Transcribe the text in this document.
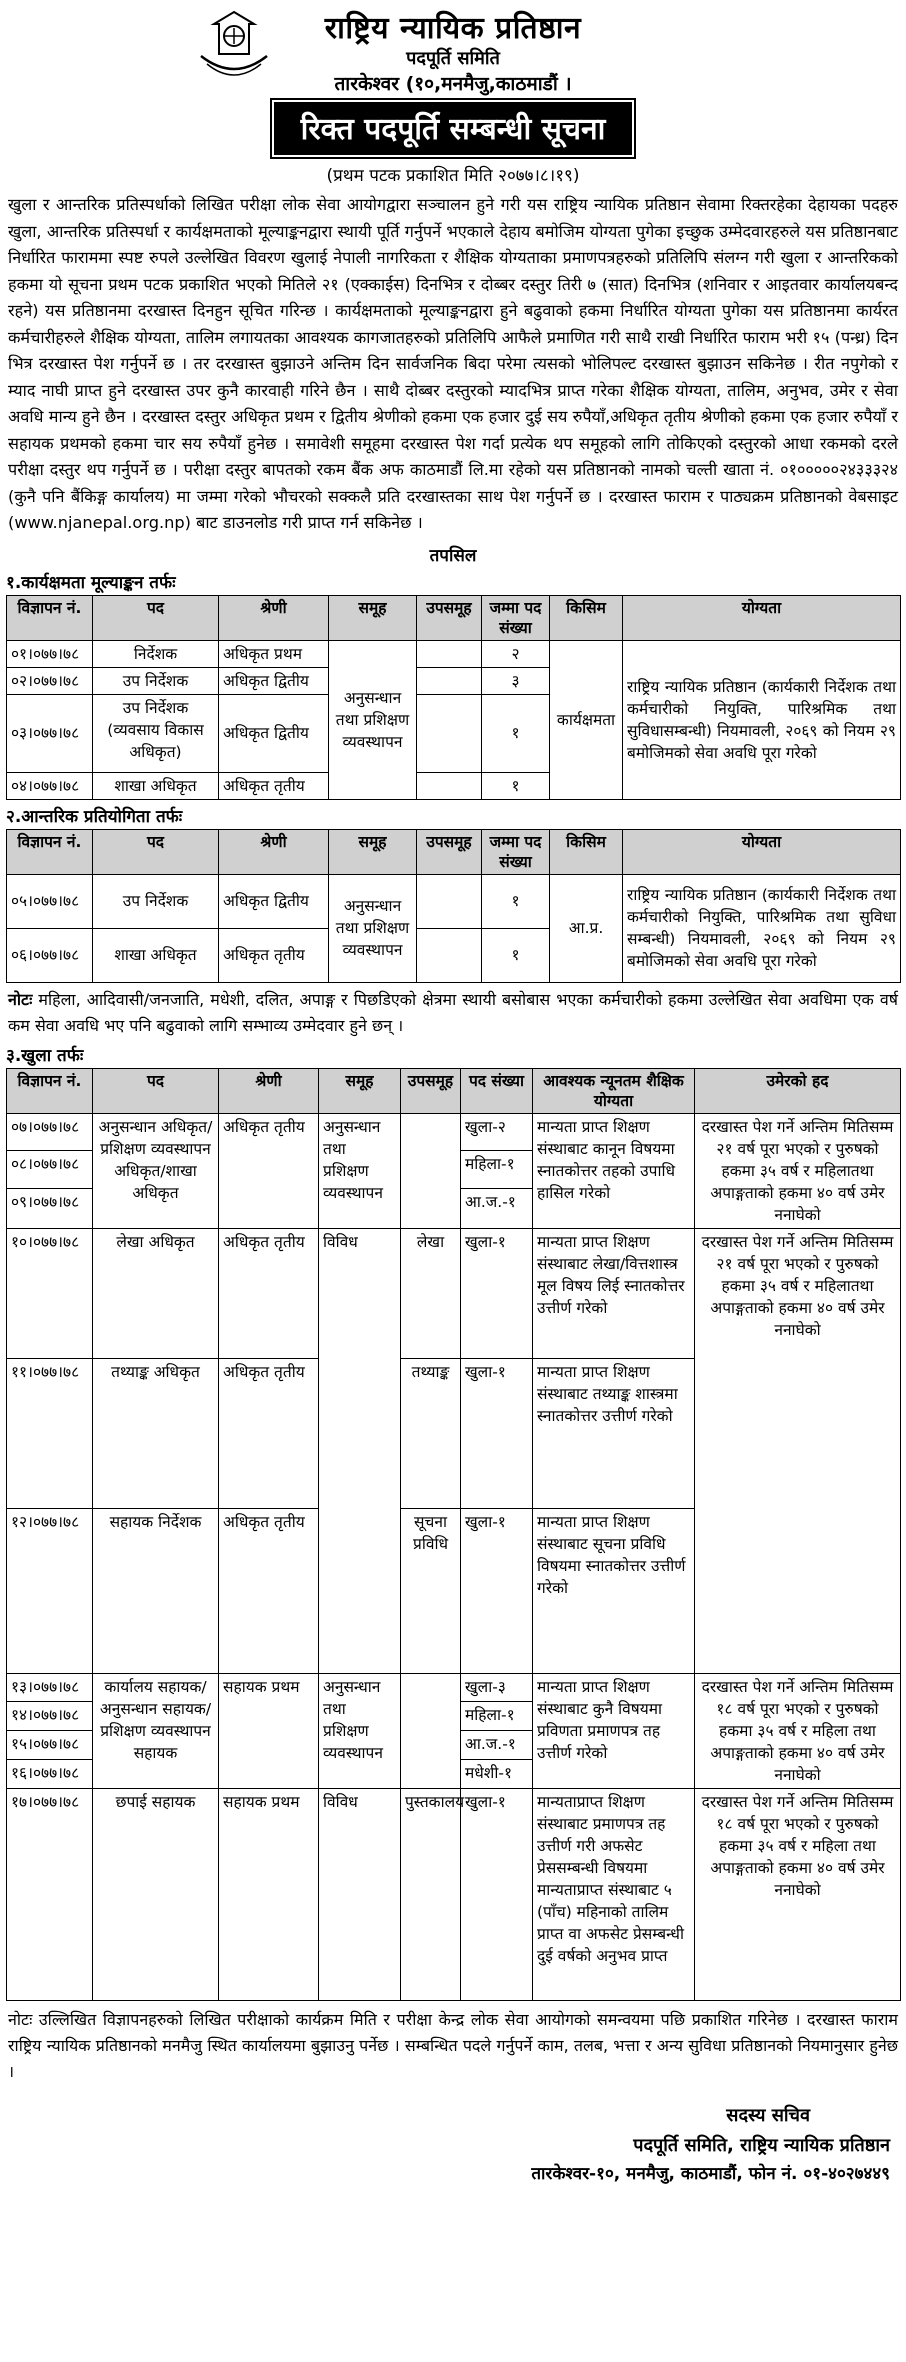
राष्ट्रिय न्यायिक प्रतिष्ठान
पदपूर्ति समिति
तारकेश्वर (१०,मनमैजु,काठमाडौं ।
रिक्त पदपूर्ति सम्बन्धी सूचना
(प्रथम पटक प्रकाशित मिति २०७७।८।१९)
खुला र आन्तरिक प्रतिस्पर्धाको लिखित परीक्षा लोक सेवा आयोगद्वारा सञ्चालन हुने गरी यस राष्ट्रिय न्यायिक प्रतिष्ठान सेवामा रिक्तरहेका देहायका पदहरु खुला, आन्तरिक प्रतिस्पर्धा र कार्यक्षमताको मूल्याङ्कनद्वारा स्थायी पूर्ति गर्नुपर्ने भएकाले देहाय बमोजिम योग्यता पुगेका इच्छुक उम्मेदवारहरुले यस प्रतिष्ठानबाट निर्धारित फाराममा स्पष्ट रुपले उल्लेखित विवरण खुलाई नेपाली नागरिकता र शैक्षिक योग्यताका प्रमाणपत्रहरुको प्रतिलिपि संलग्न गरी खुला र आन्तरिकको हकमा यो सूचना प्रथम पटक प्रकाशित भएको मितिले २१ (एक्काईस) दिनभित्र र दोब्बर दस्तुर तिरी ७ (सात) दिनभित्र (शनिवार र आइतवार कार्यालयबन्द रहने) यस प्रतिष्ठानमा दरखास्त दिनहुन सूचित गरिन्छ । कार्यक्षमताको मूल्याङ्कनद्वारा हुने बढुवाको हकमा निर्धारित योग्यता पुगेका यस प्रतिष्ठानमा कार्यरत कर्मचारीहरुले शैक्षिक योग्यता, तालिम लगायतका आवश्यक कागजातहरुको प्रतिलिपि आफैले प्रमाणित गरी साथै राखी निर्धारित फाराम भरी १५ (पन्ध्र) दिन भित्र दरखास्त पेश गर्नुपर्ने छ । तर दरखास्त बुझाउने अन्तिम दिन सार्वजनिक बिदा परेमा त्यसको भोलिपल्ट दरखास्त बुझाउन सकिनेछ । रीत नपुगेको र म्याद नाघी प्राप्त हुने दरखास्त उपर कुनै कारवाही गरिने छैन । साथै दोब्बर दस्तुरको म्यादभित्र प्राप्त गरेका शैक्षिक योग्यता, तालिम, अनुभव, उमेर र सेवा अवधि मान्य हुने छैन । दरखास्त दस्तुर अधिकृत प्रथम र द्वितीय श्रेणीको हकमा एक हजार दुई सय रुपैयाँ,अधिकृत तृतीय श्रेणीको हकमा एक हजार रुपैयाँ र सहायक प्रथमको हकमा चार सय रुपैयाँ हुनेछ । समावेशी समूहमा दरखास्त पेश गर्दा प्रत्येक थप समूहको लागि तोकिएको दस्तुरको आधा रकमको दरले परीक्षा दस्तुर थप गर्नुपर्ने छ । परीक्षा दस्तुर बापतको रकम बैंक अफ काठमाडौं लि.मा रहेको यस प्रतिष्ठानको नामको चल्ती खाता नं. ०१०००००२४३३३२४ (कुनै पनि बैंकिङ्ग कार्यालय) मा जम्मा गरेको भौचरको सक्कलै प्रति दरखास्तका साथ पेश गर्नुपर्ने छ । दरखास्त फाराम र पाठ्यक्रम प्रतिष्ठानको वेबसाइट (www.njanepal.org.np) बाट डाउनलोड गरी प्राप्त गर्न सकिनेछ ।
तपसिल
१.कार्यक्षमता मूल्याङ्कन तर्फः
विज्ञापन नं.	पद	श्रेणी	समूह	उपसमूह	जम्मा पद संख्या	किसिम	योग्यता
०१।०७७।७८	निर्देशक	अधिकृत प्रथम	अनुसन्धान तथा प्रशिक्षण व्यवस्थापन		२	कार्यक्षमता	राष्ट्रिय न्यायिक प्रतिष्ठान (कार्यकारी निर्देशक तथा कर्मचारीको नियुक्ति, पारिश्रमिक तथा सुविधासम्बन्धी) नियमावली, २०६९ को नियम २९ बमोजिमको सेवा अवधि पूरा गरेको
०२।०७७।७८	उप निर्देशक	अधिकृत द्वितीय			३		
०३।०७७।७८	उप निर्देशक (व्यवसाय विकास अधिकृत)	अधिकृत द्वितीय			१		
०४।०७७।७८	शाखा अधिकृत	अधिकृत तृतीय			१		
२.आन्तरिक प्रतियोगिता तर्फः
विज्ञापन नं.	पद	श्रेणी	समूह	उपसमूह	जम्मा पद संख्या	किसिम	योग्यता
०५।०७७।७८	उप निर्देशक	अधिकृत द्वितीय	अनुसन्धान तथा प्रशिक्षण व्यवस्थापन		१	आ.प्र.	राष्ट्रिय न्यायिक प्रतिष्ठान (कार्यकारी निर्देशक तथा कर्मचारीको नियुक्ति, पारिश्रमिक तथा सुविधा सम्बन्धी) नियमावली, २०६९ को नियम २९ बमोजिमको सेवा अवधि पूरा गरेको
०६।०७७।७८	शाखा अधिकृत	अधिकृत तृतीय			१		
नोटः महिला, आदिवासी/जनजाति, मधेशी, दलित, अपाङ्ग र पिछडिएको क्षेत्रमा स्थायी बसोबास भएका कर्मचारीको हकमा उल्लेखित सेवा अवधिमा एक वर्ष कम सेवा अवधि भए पनि बढुवाको लागि सम्भाव्य उम्मेदवार हुने छन् ।
३.खुला तर्फः
विज्ञापन नं.	पद	श्रेणी	समूह	उपसमूह	पद संख्या	आवश्यक न्यूनतम शैक्षिक योग्यता	उमेरको हद
०७।०७७।७८	अनुसन्धान अधिकृत/प्रशिक्षण व्यवस्थापन अधिकृत/शाखा अधिकृत	अधिकृत तृतीय	अनुसन्धान तथा प्रशिक्षण व्यवस्थापन		खुला-२	मान्यता प्राप्त शिक्षण संस्थाबाट कानून विषयमा स्नातकोत्तर तहको उपाधि हासिल गरेको	दरखास्त पेश गर्ने अन्तिम मितिसम्म २१ वर्ष पूरा भएको र पुरुषको हकमा ३५ वर्ष र महिलातथा अपाङ्गताको हकमा ४० वर्ष उमेर ननाघेको
०८।०७७।७८					महिला-१		
०९।०७७।७८					आ.ज.-१		
१०।०७७।७८	लेखा अधिकृत	अधिकृत तृतीय	विविध	लेखा	खुला-१	मान्यता प्राप्त शिक्षण संस्थाबाट लेखा/वित्तशास्त्र मूल विषय लिई स्नातकोत्तर उत्तीर्ण गरेको	दरखास्त पेश गर्ने अन्तिम मितिसम्म २१ वर्ष पूरा भएको र पुरुषको हकमा ३५ वर्ष र महिलातथा अपाङ्गताको हकमा ४० वर्ष उमेर ननाघेको
११।०७७।७८	तथ्याङ्क अधिकृत	अधिकृत तृतीय		तथ्याङ्क	खुला-१	मान्यता प्राप्त शिक्षण संस्थाबाट तथ्याङ्क शास्त्रमा स्नातकोत्तर उत्तीर्ण गरेको	
१२।०७७।७८	सहायक निर्देशक	अधिकृत तृतीय		सूचना प्रविधि	खुला-१	मान्यता प्राप्त शिक्षण संस्थाबाट सूचना प्रविधि विषयमा स्नातकोत्तर उत्तीर्ण गरेको	
१३।०७७।७८	कार्यालय सहायक/अनुसन्धान सहायक/प्रशिक्षण व्यवस्थापन सहायक	सहायक प्रथम	अनुसन्धान तथा प्रशिक्षण व्यवस्थापन		खुला-३	मान्यता प्राप्त शिक्षण संस्थाबाट कुनै विषयमा प्रविणता प्रमाणपत्र तह उत्तीर्ण गरेको	दरखास्त पेश गर्ने अन्तिम मितिसम्म १८ वर्ष पूरा भएको र पुरुषको हकमा ३५ वर्ष र महिला तथा अपाङ्गताको हकमा ४० वर्ष उमेर ननाघेको
१४।०७७।७८					महिला-१		
१५।०७७।७८					आ.ज.-१		
१६।०७७।७८					मधेशी-१		
१७।०७७।७८	छपाई सहायक	सहायक प्रथम	विविध	पुस्तकालय	खुला-१	मान्यताप्राप्त शिक्षण संस्थाबाट प्रमाणपत्र तह उत्तीर्ण गरी अफसेट प्रेससम्बन्धी विषयमा मान्यताप्राप्त संस्थाबाट ५ (पाँच) महिनाको तालिम प्राप्त वा अफसेट प्रेसम्बन्धी दुई वर्षको अनुभव प्राप्त	दरखास्त पेश गर्ने अन्तिम मितिसम्म १८ वर्ष पूरा भएको र पुरुषको हकमा ३५ वर्ष र महिला तथा अपाङ्गताको हकमा ४० वर्ष उमेर ननाघेको
नोटः उल्लिखित विज्ञापनहरुको लिखित परीक्षाको कार्यक्रम मिति र परीक्षा केन्द्र लोक सेवा आयोगको समन्वयमा पछि प्रकाशित गरिनेछ । दरखास्त फाराम राष्ट्रिय न्यायिक प्रतिष्ठानको मनमैजु स्थित कार्यालयमा बुझाउनु पर्नेछ । सम्बन्धित पदले गर्नुपर्ने काम, तलब, भत्ता र अन्य सुविधा प्रतिष्ठानको नियमानुसार हुनेछ ।
सदस्य सचिव
पदपूर्ति समिति, राष्ट्रिय न्यायिक प्रतिष्ठान
तारकेश्वर-१०, मनमैजु, काठमाडौं, फोन नं. ०१-४०२७४४९
